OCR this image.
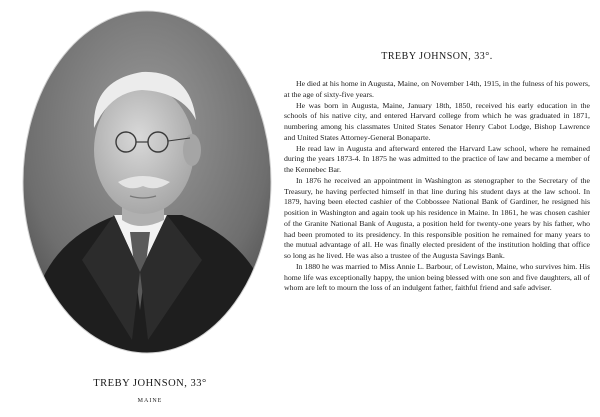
TREBY JOHNSON, 33°
MAINE
TREBY JOHNSON, 33°.

He died at his home in Augusta, Maine, on November 14th, 1915, in the fulness of his powers, at the age of sixty-five years.

He was born in Augusta, Maine, January 18th, 1850, received his early education in the schools of his native city, and entered Harvard college from which he was graduated in 1871, numbering among his classmates United States Senator Henry Cabot Lodge, Bishop Lawrence and United States Attorney-General Bonaparte.

He read law in Augusta and afterward entered the Harvard Law school, where he remained during the years 1873-4. In 1875 he was admitted to the practice of law and became a member of the Kennebec Bar.

In 1876 he received an appointment in Washington as stenographer to the Secretary of the Treasury, he having perfected himself in that line during his student days at the law school. In 1879, having been elected cashier of the Cobbossee National Bank of Gardiner, he resigned his position in Washington and again took up his residence in Maine. In 1861, he was chosen cashier of the Granite National Bank of Augusta, a position held for twenty-one years by his father, who had been promoted to its presidency. In this responsible position he remained for many years to the mutual advantage of all. He was finally elected president of the institution holding that office so long as he lived. He was also a trustee of the Augusta Savings Bank.

In 1880 he was married to Miss Annie L. Barbour, of Lewiston, Maine, who survives him. His home life was exceptionally happy, the union being blessed with one son and five daughters, all of whom are left to mourn the loss of an indulgent father, faithful friend and safe adviser.
